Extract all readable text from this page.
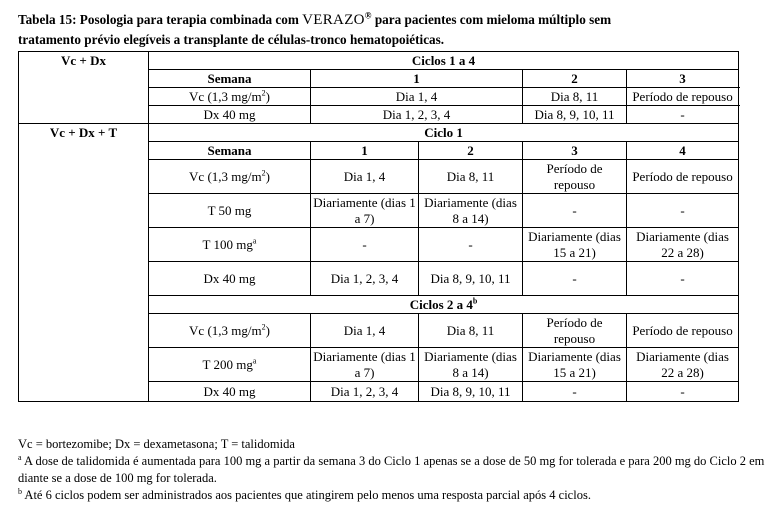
Tabela 15: Posologia para terapia combinada com VERAZO® para pacientes com mieloma múltiplo sem
tratamento prévio elegíveis a transplante de células-tronco hematopoiéticas.
Vc + Dx	Ciclos 1 a 4				
	Semana	1		2	3
	Vc (1,3 $mg/m^2$)	Dia 1, 4		Dia 8, 11	Período de repouso
	Dx 40 mg	Dia 1, 2, 3, 4		Dia 8, 9, 10, 11	-
Vc + Dx + T	Ciclo 1				
	Semana	1	2	3	4
	Vc (1,3 $mg/m^2$)	Dia 1, 4	Dia 8, 11	Período de repouso	Período de repouso
	T 50 mg	Diariamente (dias 1 a 7)	Diariamente (dias 8 a 14)	-	-
	T 100 $mg^a$	-	-	Diariamente (dias 15 a 21)	Diariamente (dias 22 a 28)
	Dx 40 mg	Dia 1, 2, 3, 4	Dia 8, 9, 10, 11	-	-
	Ciclos 2 a 4$^b$
	Vc (1,3 $mg/m^2$)	Dia 1, 4	Dia 8, 11	Período de repouso	Período de repouso
	T 200 $mg^a$	Diariamente (dias 1 a 7)	Diariamente (dias 8 a 14)	Diariamente (dias 15 a 21)	Diariamente (dias 22 a 28)
	Dx 40 mg	Dia 1, 2, 3, 4	Dia 8, 9, 10, 11	-	-

Vc = bortezomibe; Dx = dexametasona; T = talidomida

$^a$ A dose de talidomida é aumentada para 100 mg a partir da semana 3 do Ciclo 1 apenas se a dose de 50 mg for tolerada e para 200 mg do Ciclo 2 em diante se a dose de 100 mg for tolerada.

$^b$ Até 6 ciclos podem ser administrados aos pacientes que atingirem pelo menos uma resposta parcial após 4 ciclos.
